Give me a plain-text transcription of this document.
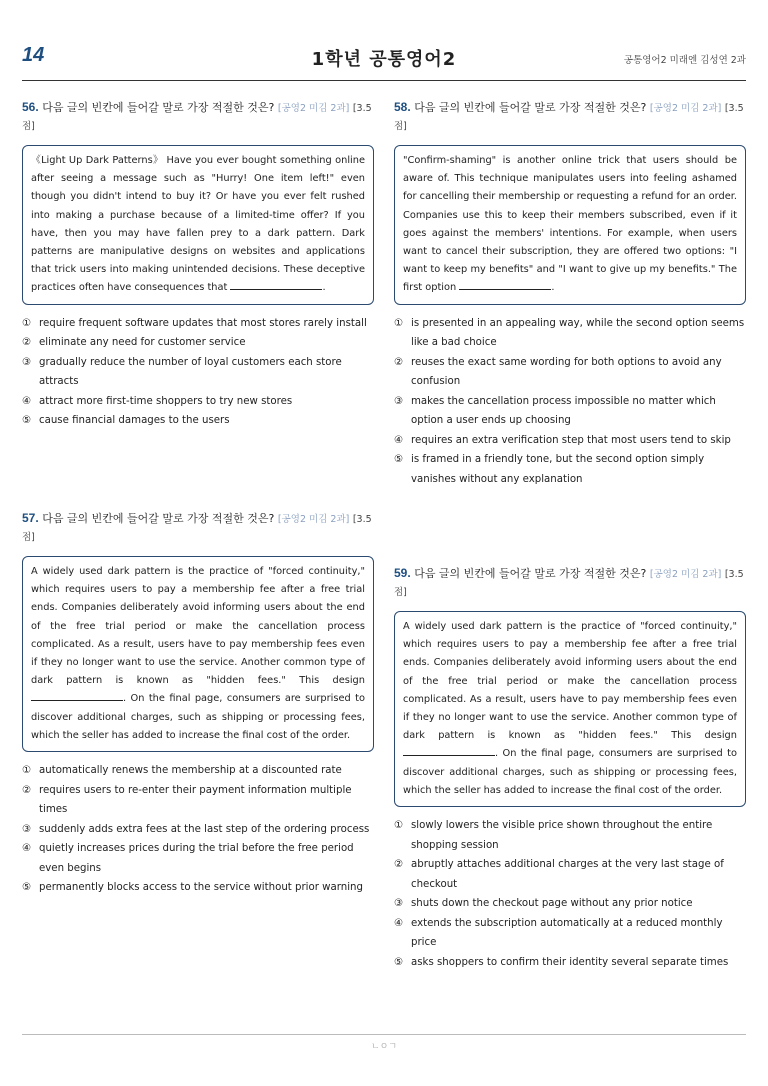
14	1학년 공통영어2	공통영어2 미래엔 김성연 2과
56. 다음 글의 빈칸에 들어갈 말로 가장 적절한 것은? [공영2 미김 2과] [3.5 점]
《Light Up Dark Patterns》 Have you ever bought something online after seeing a message such as "Hurry! One item left!" even though you didn't intend to buy it? Or have you ever felt rushed into making a purchase because of a limited-time offer? If you have, then you may have fallen prey to a dark pattern. Dark patterns are manipulative designs on websites and applications that trick users into making unintended decisions. These deceptive practices often have consequences that	.
① require frequent software updates that most stores rarely install
② eliminate any need for customer service
③ gradually reduce the number of loyal customers each store attracts
④ attract more first-time shoppers to try new stores
⑤ cause financial damages to the users
57. 다음 글의 빈칸에 들어갈 말로 가장 적절한 것은? [공영2 미김 2과] [3.5 점]
A widely used dark pattern is the practice of "forced continuity," which requires users to pay a membership fee after a free trial ends. Companies deliberately avoid informing users about the end of the free trial period or make the cancellation process complicated. As a result, users have to pay membership fees even if they no longer want to use the service. Another common type of dark pattern is known as "hidden fees." This design . On the final page, consumers are surprised to discover additional charges, such as shipping or processing fees, which the seller has added to increase the final cost of the order.
① automatically renews the membership at a discounted rate
② requires users to re-enter their payment information multiple times
③ suddenly adds extra fees at the last step of the ordering process
④ quietly increases prices during the trial before the free period even begins
⑤ permanently blocks access to the service without prior warning
58. 다음 글의 빈칸에 들어갈 말로 가장 적절한 것은? [공영2 미김 2과] [3.5 점]
"Confirm-shaming" is another online trick that users should be aware of. This technique manipulates users into feeling ashamed for cancelling their membership or requesting a refund for an order. Companies use this to keep their members subscribed, even if it goes against the members' intentions. For example, when users want to cancel their subscription, they are offered two options: "I want to keep my benefits" and "I want to give up my benefits." The first option	.
① is presented in an appealing way, while the second option seems like a bad choice
② reuses the exact same wording for both options to avoid any confusion
③ makes the cancellation process impossible no matter which option a user ends up choosing
④ requires an extra verification step that most users tend to skip
⑤ is framed in a friendly tone, but the second option simply vanishes without any explanation
59. 다음 글의 빈칸에 들어갈 말로 가장 적절한 것은? [공영2 미김 2과] [3.5 점]
A widely used dark pattern is the practice of "forced continuity," which requires users to pay a membership fee after a free trial ends. Companies deliberately avoid informing users about the end of the free trial period or make the cancellation process complicated. As a result, users have to pay membership fees even if they no longer want to use the service. Another common type of dark pattern is known as "hidden fees." This design . On the final page, consumers are surprised to discover additional charges, such as shipping or processing fees, which the seller has added to increase the final cost of the order.
① slowly lowers the visible price shown throughout the entire shopping session
② abruptly attaches additional charges at the very last stage of checkout
③ shuts down the checkout page without any prior notice
④ extends the subscription automatically at a reduced monthly price
⑤ asks shoppers to confirm their identity several separate times
ㄴㅇㄱ
